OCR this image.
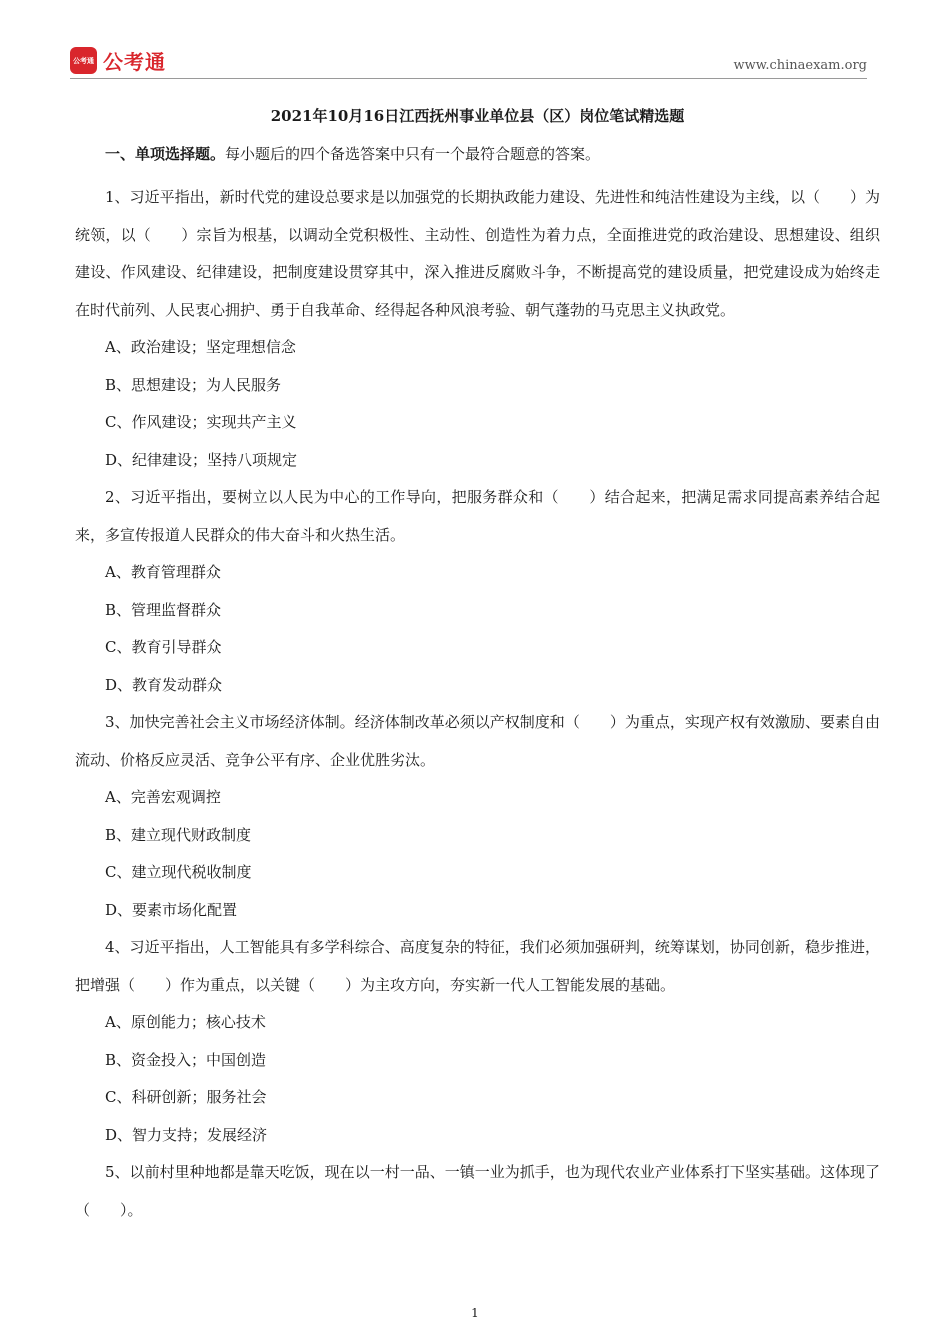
公考通 公考通	www.chinaexam.org
2021年10月16日江西抚州事业单位县（区）岗位笔试精选题
一、单项选择题。每小题后的四个备选答案中只有一个最符合题意的答案。

1、习近平指出，新时代党的建设总要求是以加强党的长期执政能力建设、先进性和纯洁性建设为主线，以（　　）为统领，以（　　）宗旨为根基，以调动全党积极性、主动性、创造性为着力点，全面推进党的政治建设、思想建设、组织建设、作风建设、纪律建设，把制度建设贯穿其中，深入推进反腐败斗争，不断提高党的建设质量，把党建设成为始终走在时代前列、人民衷心拥护、勇于自我革命、经得起各种风浪考验、朝气蓬勃的马克思主义执政党。

A、政治建设；坚定理想信念

B、思想建设；为人民服务

C、作风建设；实现共产主义

D、纪律建设；坚持八项规定

2、习近平指出，要树立以人民为中心的工作导向，把服务群众和（　　）结合起来，把满足需求同提高素养结合起来，多宣传报道人民群众的伟大奋斗和火热生活。

A、教育管理群众

B、管理监督群众

C、教育引导群众

D、教育发动群众

3、加快完善社会主义市场经济体制。经济体制改革必须以产权制度和（　　）为重点，实现产权有效激励、要素自由流动、价格反应灵活、竞争公平有序、企业优胜劣汰。

A、完善宏观调控

B、建立现代财政制度

C、建立现代税收制度

D、要素市场化配置

4、习近平指出，人工智能具有多学科综合、高度复杂的特征，我们必须加强研判，统筹谋划，协同创新，稳步推进，把增强（　　）作为重点，以关键（　　）为主攻方向，夯实新一代人工智能发展的基础。

A、原创能力；核心技术

B、资金投入；中国创造

C、科研创新；服务社会

D、智力支持；发展经济

5、以前村里种地都是靠天吃饭，现在以一村一品、一镇一业为抓手，也为现代农业产业体系打下坚实基础。这体现了（　　）。

1
